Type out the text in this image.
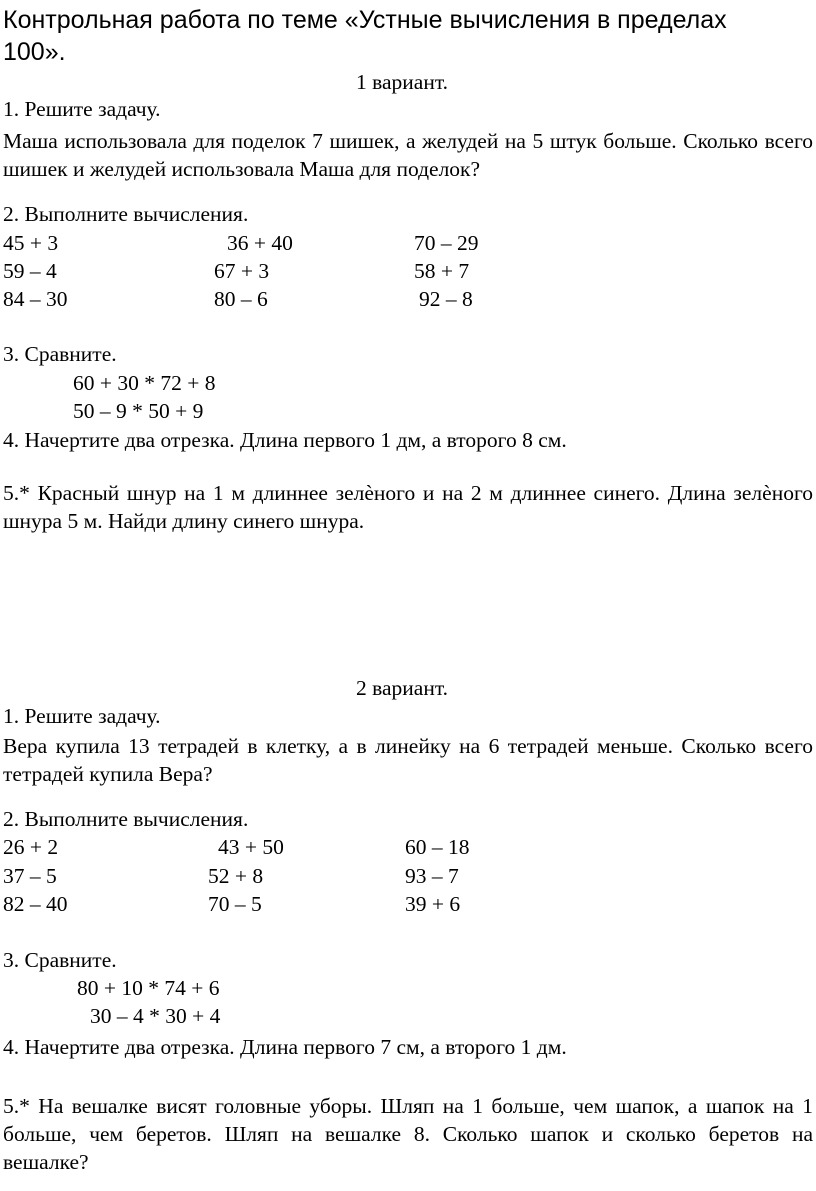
Контрольная работа по теме «Устные вычисления в пределах
100».
1 вариант.
1. Решите задачу.
Маша использовала для поделок 7 шишек, а желудей на 5 штук больше. Сколько всего шишек и желудей использовала Маша для поделок?
2. Выполните вычисления.
45 + 3	36 + 40	70 – 29
59 – 4	67 + 3	58 + 7
84 – 30	80 – 6	92 – 8
3. Сравните.
60 + 30 * 72 + 8
50 – 9 * 50 + 9
4. Начертите два отрезка. Длина первого 1 дм, а второго 8 см.
5.* Красный шнур на 1 м длиннее зелѐного и на 2 м длиннее синего. Длина зелѐного шнура 5 м. Найди длину синего шнура.
2 вариант.
1. Решите задачу.
Вера купила 13 тетрадей в клетку, а в линейку на 6 тетрадей меньше. Сколько всего тетрадей купила Вера?
2. Выполните вычисления.
26 + 2	43 + 50	60 – 18
37 – 5	52 + 8	93 – 7
82 – 40	70 – 5	39 + 6
3. Сравните.
80 + 10 * 74 + 6
30 – 4 * 30 + 4
4. Начертите два отрезка. Длина первого 7 см, а второго 1 дм.
5.* На вешалке висят головные уборы. Шляп на 1 больше, чем шапок, а шапок на 1 больше, чем беретов. Шляп на вешалке 8. Сколько шапок и сколько беретов на вешалке?
